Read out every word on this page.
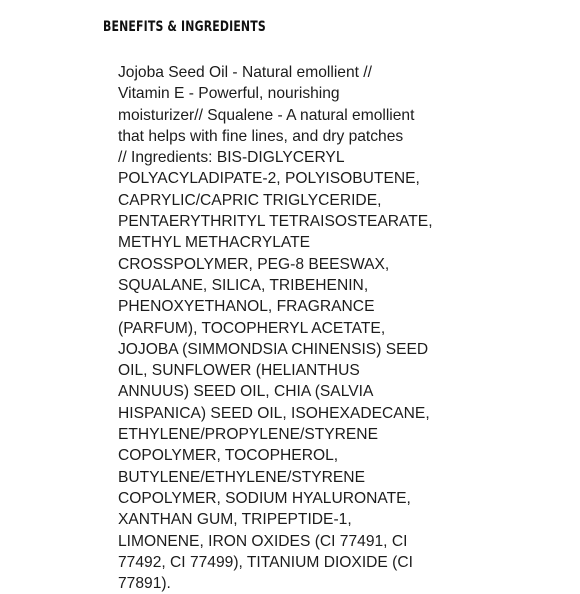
BENEFITS & INGREDIENTS

Jojoba Seed Oil - Natural emollient //
Vitamin E - Powerful, nourishing
moisturizer// Squalene - A natural emollient
that helps with fine lines, and dry patches
// Ingredients: BIS-DIGLYCERYL
POLYACYLADIPATE-2, POLYISOBUTENE,
CAPRYLIC/CAPRIC TRIGLYCERIDE,
PENTAERYTHRITYL TETRAISOSTEARATE,
METHYL METHACRYLATE
CROSSPOLYMER, PEG-8 BEESWAX,
SQUALANE, SILICA, TRIBEHENIN,
PHENOXYETHANOL, FRAGRANCE
(PARFUM), TOCOPHERYL ACETATE,
JOJOBA (SIMMONDSIA CHINENSIS) SEED
OIL, SUNFLOWER (HELIANTHUS
ANNUUS) SEED OIL, CHIA (SALVIA
HISPANICA) SEED OIL, ISOHEXADECANE,
ETHYLENE/PROPYLENE/STYRENE
COPOLYMER, TOCOPHEROL,
BUTYLENE/ETHYLENE/STYRENE
COPOLYMER, SODIUM HYALURONATE,
XANTHAN GUM, TRIPEPTIDE-1,
LIMONENE, IRON OXIDES (CI 77491, CI
77492, CI 77499), TITANIUM DIOXIDE (CI
77891).
